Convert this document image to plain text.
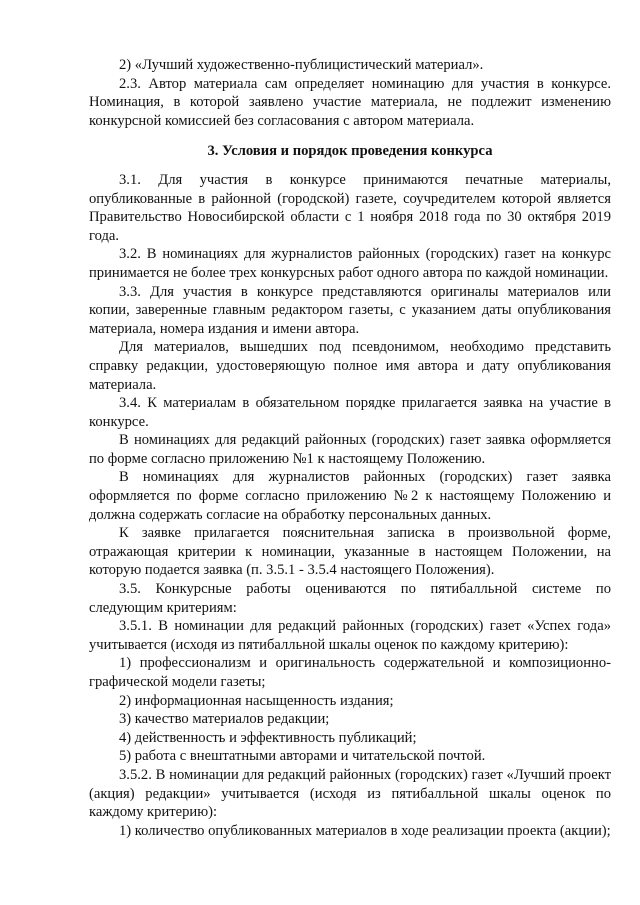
2) «Лучший художественно-публицистический материал».

2.3. Автор материала сам определяет номинацию для участия в конкурсе. Номинация, в которой заявлено участие материала, не подлежит изменению конкурсной комиссией без согласования с автором материала.

3. Условия и порядок проведения конкурса

3.1. Для участия в конкурсе принимаются печатные материалы, опубликованные в районной (городской) газете, соучредителем которой является Правительство Новосибирской области с 1 ноября 2018 года по 30 октября 2019 года.

3.2. В номинациях для журналистов районных (городских) газет на конкурс принимается не более трех конкурсных работ одного автора по каждой номинации.

3.3. Для участия в конкурсе представляются оригиналы материалов или копии, заверенные главным редактором газеты, с указанием даты опубликования материала, номера издания и имени автора.

Для материалов, вышедших под псевдонимом, необходимо представить справку редакции, удостоверяющую полное имя автора и дату опубликования материала.

3.4. К материалам в обязательном порядке прилагается заявка на участие в конкурсе.

В номинациях для редакций районных (городских) газет заявка оформляется по форме согласно приложению №1 к настоящему Положению.

В номинациях для журналистов районных (городских) газет заявка оформляется по форме согласно приложению №2 к настоящему Положению и должна содержать согласие на обработку персональных данных.

К заявке прилагается пояснительная записка в произвольной форме, отражающая критерии к номинации, указанные в настоящем Положении, на которую подается заявка (п. 3.5.1 - 3.5.4 настоящего Положения).

3.5. Конкурсные работы оцениваются по пятибалльной системе по следующим критериям:

3.5.1. В номинации для редакций районных (городских) газет «Успех года» учитывается (исходя из пятибалльной шкалы оценок по каждому критерию):

1) профессионализм и оригинальность содержательной и композиционно-графической модели газеты;

2) информационная насыщенность издания;

3) качество материалов редакции;

4) действенность и эффективность публикаций;

5) работа с внештатными авторами и читательской почтой.

3.5.2. В номинации для редакций районных (городских) газет «Лучший проект (акция) редакции» учитывается (исходя из пятибалльной шкалы оценок по каждому критерию):

1) количество опубликованных материалов в ходе реализации проекта (акции);
